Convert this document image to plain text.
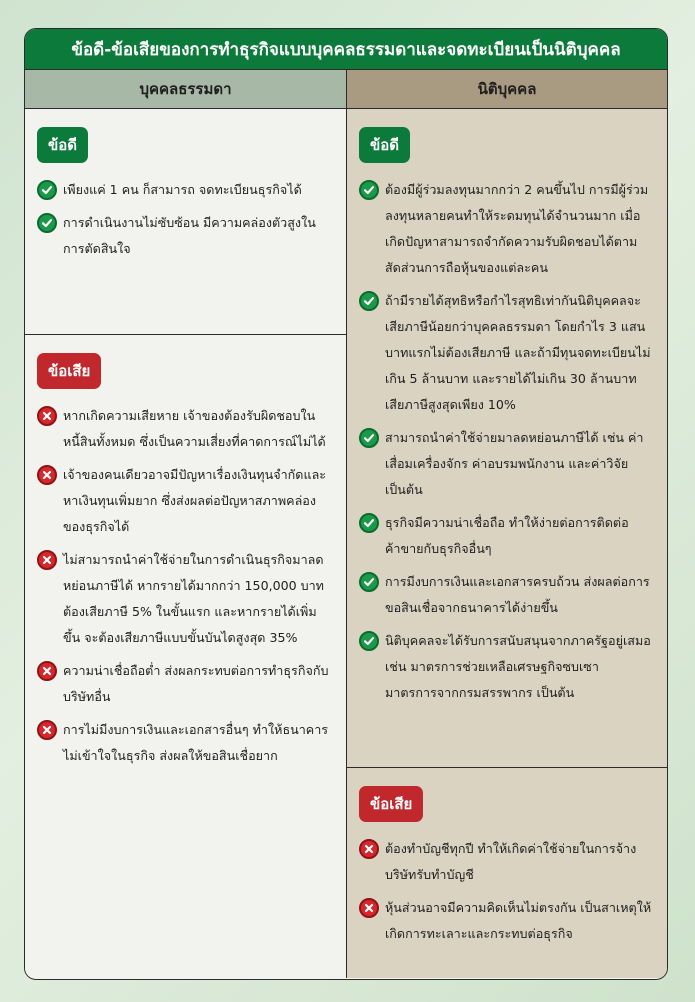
ข้อดี-ข้อเสียของการทำธุรกิจแบบบุคคลธรรมดาและจดทะเบียนเป็นนิติบุคคล
บุคคลธรรมดา
ข้อดี
เพียงแค่ 1 คน ก็สามารถ จดทะเบียนธุรกิจได้
การดำเนินงานไม่ซับซ้อน มีความคล่องตัวสูงในการตัดสินใจ
ข้อเสีย
หากเกิดความเสียหาย เจ้าของต้องรับผิดชอบในหนี้สินทั้งหมด ซึ่งเป็นความเสี่ยงที่คาดการณ์ไม่ได้
เจ้าของคนเดียวอาจมีปัญหาเรื่องเงินทุนจำกัดและหาเงินทุนเพิ่มยาก ซึ่งส่งผลต่อปัญหาสภาพคล่องของธุรกิจได้
ไม่สามารถนำค่าใช้จ่ายในการดำเนินธุรกิจมาลดหย่อนภาษีได้ หากรายได้มากกว่า 150,000 บาท ต้องเสียภาษี 5% ในขั้นแรก และหากรายได้เพิ่มขึ้น จะต้องเสียภาษีแบบขั้นบันไดสูงสุด 35%
ความน่าเชื่อถือต่ำ ส่งผลกระทบต่อการทำธุรกิจกับบริษัทอื่น
การไม่มีงบการเงินและเอกสารอื่นๆ ทำให้ธนาคารไม่เข้าใจในธุรกิจ ส่งผลให้ขอสินเชื่อยาก
นิติบุคคล
ข้อดี
ต้องมีผู้ร่วมลงทุนมากกว่า 2 คนขึ้นไป การมีผู้ร่วมลงทุนหลายคนทำให้ระดมทุนได้จำนวนมาก เมื่อเกิดปัญหาสามารถจำกัดความรับผิดชอบได้ตามสัดส่วนการถือหุ้นของแต่ละคน
ถ้ามีรายได้สุทธิหรือกำไรสุทธิเท่ากันนิติบุคคลจะเสียภาษีน้อยกว่าบุคคลธรรมดา โดยกำไร 3 แสนบาทแรกไม่ต้องเสียภาษี และถ้ามีทุนจดทะเบียนไม่เกิน 5 ล้านบาท และรายได้ไม่เกิน 30 ล้านบาท เสียภาษีสูงสุดเพียง 10%
สามารถนำค่าใช้จ่ายมาลดหย่อนภาษีได้ เช่น ค่าเสื่อมเครื่องจักร ค่าอบรมพนักงาน และค่าวิจัย เป็นต้น
ธุรกิจมีความน่าเชื่อถือ ทำให้ง่ายต่อการติดต่อค้าขายกับธุรกิจอื่นๆ
การมีงบการเงินและเอกสารครบถ้วน ส่งผลต่อการขอสินเชื่อจากธนาคารได้ง่ายขึ้น
นิติบุคคลจะได้รับการสนับสนุนจากภาครัฐอยู่เสมอ เช่น มาตรการช่วยเหลือเศรษฐกิจซบเซา มาตรการจากกรมสรรพากร เป็นต้น
ข้อเสีย
ต้องทำบัญชีทุกปี ทำให้เกิดค่าใช้จ่ายในการจ้างบริษัทรับทำบัญชี
หุ้นส่วนอาจมีความคิดเห็นไม่ตรงกัน เป็นสาเหตุให้เกิดการทะเลาะและกระทบต่อธุรกิจ
